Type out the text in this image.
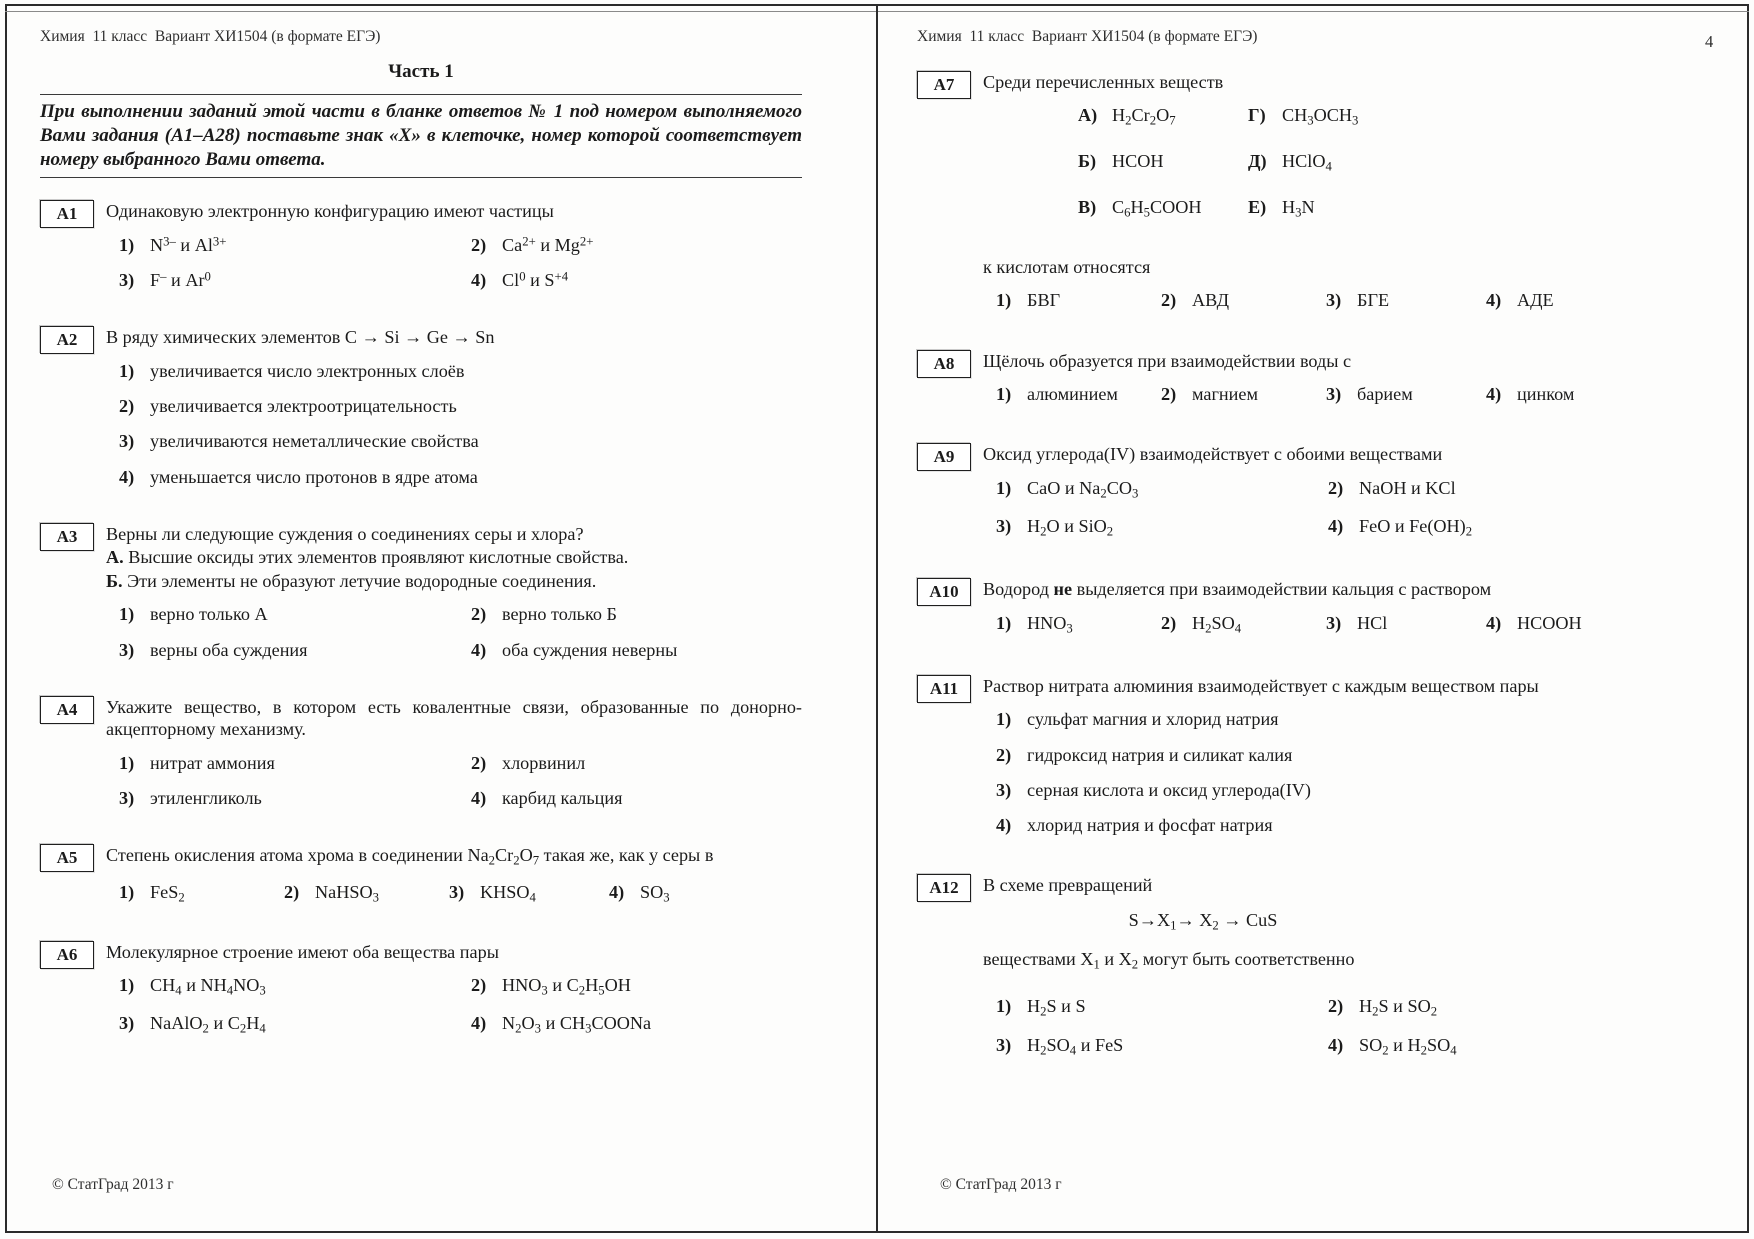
4
Химия  11 класс  Вариант ХИ1504 (в формате ЕГЭ)
Часть 1

При выполнении заданий этой части в бланке ответов № 1 под номером выполняемого Вами задания (А1–А28) поставьте знак «Х» в клеточке, номер которой соответствует номеру выбранного Вами ответа.

А1	Одинаковую электронную конфигурацию имеют частицы
1) $N^{3-}$ и $Al^{3+}$	2) $Ca^{2+}$ и $Mg^{2+}$
3) F– и Ar$^0$	4) Cl$^0$ и $S^{+4}$
А2	В ряду химических элементов C → Si → Ge → Sn
1) увеличивается число электронных слоёв
2) увеличивается электроотрицательность
3) увеличиваются неметаллические свойства
4) уменьшается число протонов в ядре атома
А3	Верны ли следующие суждения о соединениях серы и хлора?
А. Высшие оксиды этих элементов проявляют кислотные свойства.
Б. Эти элементы не образуют летучие водородные соединения.
1) верно только А	2) верно только Б
3) верны оба суждения	4) оба суждения неверны
А4	Укажите вещество, в котором есть ковалентные связи, образованные по донорно-акцепторному механизму.
1) нитрат аммония	2) хлорвинил
3) этиленгликоль	4) карбид кальция
А5	Степень окисления атома хрома в соединении $Na_2Cr_2O_7$ такая же, как у серы в
1) FeS$_2$	2) NaHSO$_3$	3) $KHSO_4$	4) $SO_3$
А6	Молекулярное строение имеют оба вещества пары
1) $CH_4$ и $NH_4NO_3$	2) $HNO_3$ и $C_2H_5OH$
3) NaAlO$_2$ и $C_2H_4$	4) $N_2O_3$ и $CH_3COONa$
Химия  11 класс  Вариант ХИ1504 (в формате ЕГЭ)
А7	Среди перечисленных веществ
А) $H_2Cr_2O_7$	Г) $CH_3OCH_3$
Б) HCOH	Д) HClO$_4$
В) $C_6H_5COOH$	Е) $H_3N$

к кислотам относятся

1) БВГ	2) АВД	3) БГЕ	4) АДЕ
А8	Щёлочь образуется при взаимодействии воды с
1) алюминием 2) магнием	3) барием	4) цинком
А9	Оксид углерода(IV) взаимодействует с обоими веществами
1) CaO и $Na_2CO_3$	2) NaOH и KCl
3) $H_2O$ и SiO$_2$	4) FeO и $Fe(OH)_2$
А10	Водород не выделяется при взаимодействии кальция с раствором
1) $HNO_3$	2) $H_2SO_4$	3) HCl	4) HCOOH
А11	Раствор нитрата алюминия взаимодействует с каждым веществом пары
1) сульфат магния и хлорид натрия
2) гидроксид натрия и силикат калия
3) серная кислота и оксид углерода(IV)
4) хлорид натрия и фосфат натрия
А12	В схеме превращений
$S\to X_1\to X_2$ → CuS

веществами $X_1$ и $X_2$ могут быть соответственно

1) $H_2S$ и S	2) $H_2S$ и $SO_2$
3) $H_2SO_4$ и FeS	4) $SO_2$ и $H_2SO_4$
© СтатГрад 2013 г	© СтатГрад 2013 г
